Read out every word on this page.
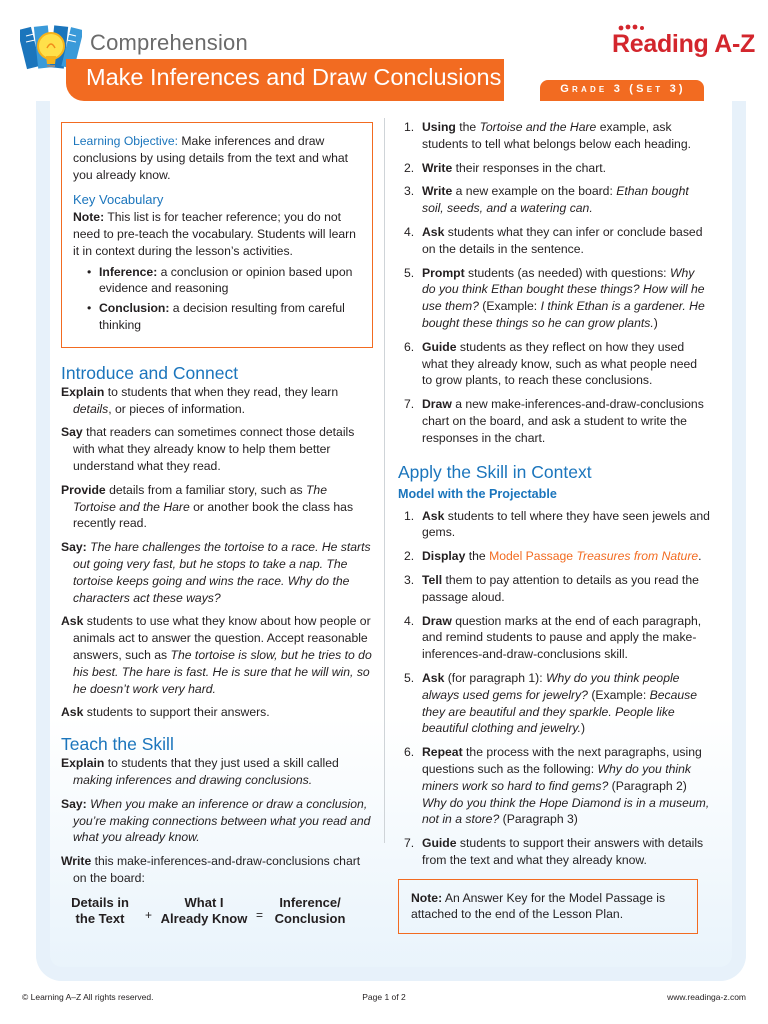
Comprehension	Reading A-Z
Make Inferences and Draw Conclusions	Grade 3 (Set 3)
Learning Objective: Make inferences and draw conclusions by using details from the text and what you already know.
Key Vocabulary
Note: This list is for teacher reference; you do not need to pre-teach the vocabulary. Students will learn it in context during the lesson’s activities.
• Inference: a conclusion or opinion based upon evidence and reasoning
• Conclusion: a decision resulting from careful thinking
Introduce and Connect

Explain to students that when they read, they learn details, or pieces of information.

Say that readers can sometimes connect those details with what they already know to help them better understand what they read.

Provide details from a familiar story, such as The Tortoise and the Hare or another book the class has recently read.

Say: The hare challenges the tortoise to a race. He starts out going very fast, but he stops to take a nap. The tortoise keeps going and wins the race. Why do the characters act these ways?

Ask students to use what they know about how people or animals act to answer the question. Accept reasonable answers, such as The tortoise is slow, but he tries to do his best. The hare is fast. He is sure that he will win, so he doesn’t work very hard.

Ask students to support their answers.

Teach the Skill

Explain to students that they just used a skill called making inferences and drawing conclusions.

Say: When you make an inference or draw a conclusion, you’re making connections between what you read and what you already know.

Write this make-inferences-and-draw-conclusions chart on the board:

Details in
the Text	+
What I
Already Know =
Inference/
Conclusion
1. Using the Tortoise and the Hare example, ask students to tell what belongs below each heading.
2. Write their responses in the chart.
3. Write a new example on the board: Ethan bought soil, seeds, and a watering can.
4. Ask students what they can infer or conclude based on the details in the sentence.
5. Prompt students (as needed) with questions: Why do you think Ethan bought these things? How will he use them? (Example: I think Ethan is a gardener. He bought these things so he can grow plants.)
6. Guide students as they reflect on how they used what they already know, such as what people need to grow plants, to reach these conclusions.
7. Draw a new make-inferences-and-draw-conclusions chart on the board, and ask a student to write the responses in the chart.
Apply the Skill in Context
Model with the Projectable
1. Ask students to tell where they have seen jewels and gems.
2. Display the Model Passage Treasures from Nature.
3. Tell them to pay attention to details as you read the passage aloud.
4. Draw question marks at the end of each paragraph, and remind students to pause and apply the make-inferences-and-draw-conclusions skill.
5. Ask (for paragraph 1): Why do you think people always used gems for jewelry? (Example: Because they are beautiful and they sparkle. People like beautiful clothing and jewelry.)
6. Repeat the process with the next paragraphs, using questions such as the following: Why do you think miners work so hard to find gems? (Paragraph 2) Why do you think the Hope Diamond is in a museum, not in a store? (Paragraph 3)
7. Guide students to support their answers with details from the text and what they already know.
Note: An Answer Key for the Model Passage is attached to the end of the Lesson Plan.
© Learning A–Z All rights reserved.	Page 1 of 2	www.readinga-z.com
